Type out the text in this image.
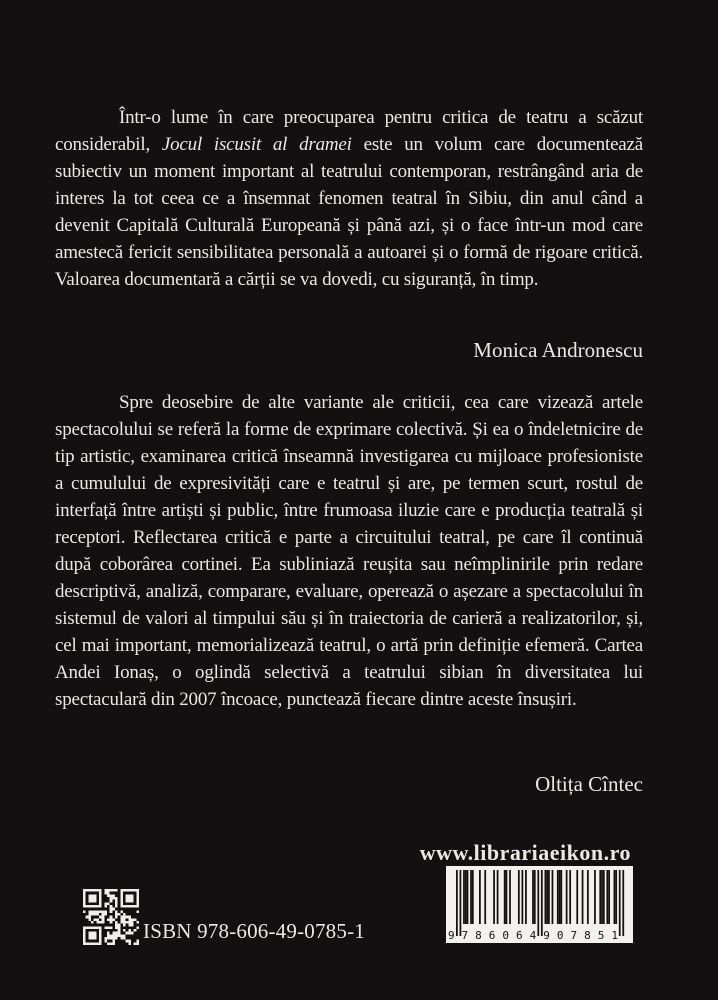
Într-o lume în care preocuparea pentru critica de teatru a scăzut considerabil, Jocul iscusit al dramei este un volum care documentează subiectiv un moment important al teatrului contemporan, restrângând aria de interes la tot ceea ce a însemnat fenomen teatral în Sibiu, din anul când a devenit Capitală Culturală Europeană și până azi, și o face într-un mod care amestecă fericit sensibilitatea personală a autoarei și o formă de rigoare critică. Valoarea documentară a cărții se va dovedi, cu siguranță, în timp.

Monica Andronescu

Spre deosebire de alte variante ale criticii, cea care vizează artele spectacolului se referă la forme de exprimare colectivă. Și ea o îndeletnicire de tip artistic, examinarea critică înseamnă investigarea cu mijloace profesioniste a cumulului de expresivități care e teatrul și are, pe termen scurt, rostul de interfață între artiști și public, între frumoasa iluzie care e producția teatrală și receptori. Reflectarea critică e parte a circuitului teatral, pe care îl continuă după coborârea cortinei. Ea subliniază reușita sau neîmplinirile prin redare descriptivă, analiză, comparare, evaluare, operează o așezare a spectacolului în sistemul de valori al timpului său și în traiectoria de carieră a realizatorilor, și, cel mai important, memorializează teatrul, o artă prin definiție efemeră. Cartea Andei Ionaș, o oglindă selectivă a teatrului sibian în diversitatea lui spectaculară din 2007 încoace, punctează fiecare dintre aceste însușiri.

Oltița Cîntec

www.librariaeikon.ro
9 786064 907851
ISBN 978-606-49-0785-1
